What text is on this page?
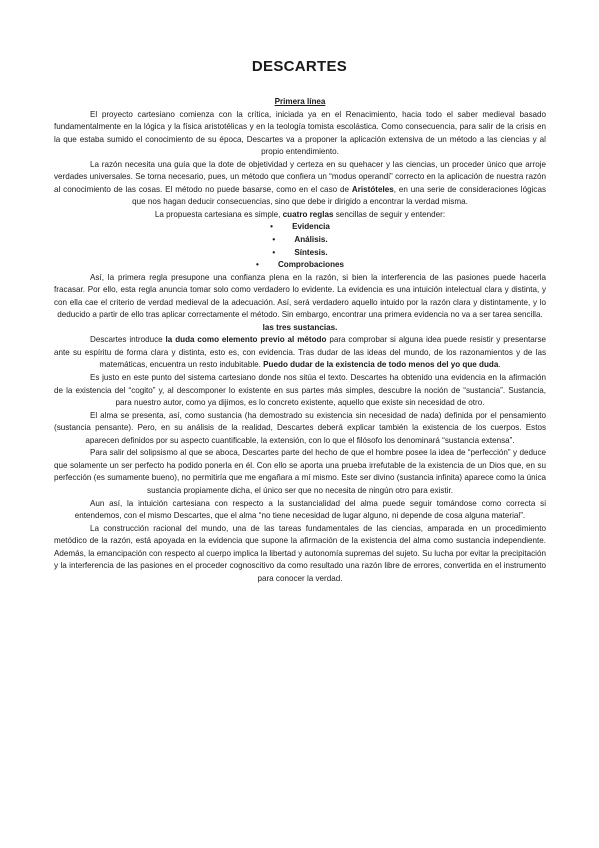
DESCARTES

Primera línea

El proyecto cartesiano comienza con la crítica, iniciada ya en el Renacimiento, hacia todo el saber medieval basado fundamentalmente en la lógica y la física aristotélicas y en la teología tomista escolástica. Como consecuencia, para salir de la crisis en la que estaba sumido el conocimiento de su época, Descartes va a proponer la aplicación extensiva de un método a las ciencias y al propio entendimiento.

La razón necesita una guía que la dote de objetividad y certeza en su quehacer y las ciencias, un proceder único que arroje verdades universales. Se torna necesario, pues, un método que confiera un “modus operandi” correcto en la aplicación de nuestra razón al conocimiento de las cosas. El método no puede basarse, como en el caso de Aristóteles, en una serie de consideraciones lógicas que nos hagan deducir consecuencias, sino que debe ir dirigido a encontrar la verdad misma.

La propuesta cartesiana es simple, cuatro reglas sencillas de seguir y entender:

• Evidencia
• Análisis.
• Síntesis.
• Comprobaciones

Así, la primera regla presupone una confianza plena en la razón, si bien la interferencia de las pasiones puede hacerla fracasar. Por ello, esta regla anuncia tomar solo como verdadero lo evidente. La evidencia es una intuición intelectual clara y distinta, y con ella cae el criterio de verdad medieval de la adecuación. Así, será verdadero aquello intuido por la razón clara y distintamente, y lo deducido a partir de ello tras aplicar correctamente el método. Sin embargo, encontrar una primera evidencia no va a ser tarea sencilla.

las tres sustancias.

Descartes introduce la duda como elemento previo al método para comprobar si alguna idea puede resistir y presentarse ante su espíritu de forma clara y distinta, esto es, con evidencia. Tras dudar de las ideas del mundo, de los razonamientos y de las matemáticas, encuentra un resto indubitable. Puedo dudar de la existencia de todo menos del yo que duda.

Es justo en este punto del sistema cartesiano donde nos sitúa el texto. Descartes ha obtenido una evidencia en la afirmación de la existencia del “cogito” y, al descomponer lo existente en sus partes más simples, descubre la noción de “sustancia”. Sustancia, para nuestro autor, como ya dijimos, es lo concreto existente, aquello que existe sin necesidad de otro.

El alma se presenta, así, como sustancia (ha demostrado su existencia sin necesidad de nada) definida por el pensamiento (sustancia pensante). Pero, en su análisis de la realidad, Descartes deberá explicar también la existencia de los cuerpos. Estos aparecen definidos por su aspecto cuantificable, la extensión, con lo que el filósofo los denominará “sustancia extensa”.

Para salir del solipsismo al que se aboca, Descartes parte del hecho de que el hombre posee la idea de “perfección” y deduce que solamente un ser perfecto ha podido ponerla en él. Con ello se aporta una prueba irrefutable de la existencia de un Dios que, en su perfección (es sumamente bueno), no permitiría que me engañara a mí mismo. Este ser divino (sustancia infinita) aparece como la única sustancia propiamente dicha, el único ser que no necesita de ningún otro para existir.

Aun así, la intuición cartesiana con respecto a la sustancialidad del alma puede seguir tomándose como correcta si entendemos, con el mismo Descartes, que el alma “no tiene necesidad de lugar alguno, ni depende de cosa alguna material”.

La construcción racional del mundo, una de las tareas fundamentales de las ciencias, amparada en un procedimiento metódico de la razón, está apoyada en la evidencia que supone la afirmación de la existencia del alma como sustancia independiente. Además, la emancipación con respecto al cuerpo implica la libertad y autonomía supremas del sujeto. Su lucha por evitar la precipitación y la interferencia de las pasiones en el proceder cognoscitivo da como resultado una razón libre de errores, convertida en el instrumento para conocer la verdad.
